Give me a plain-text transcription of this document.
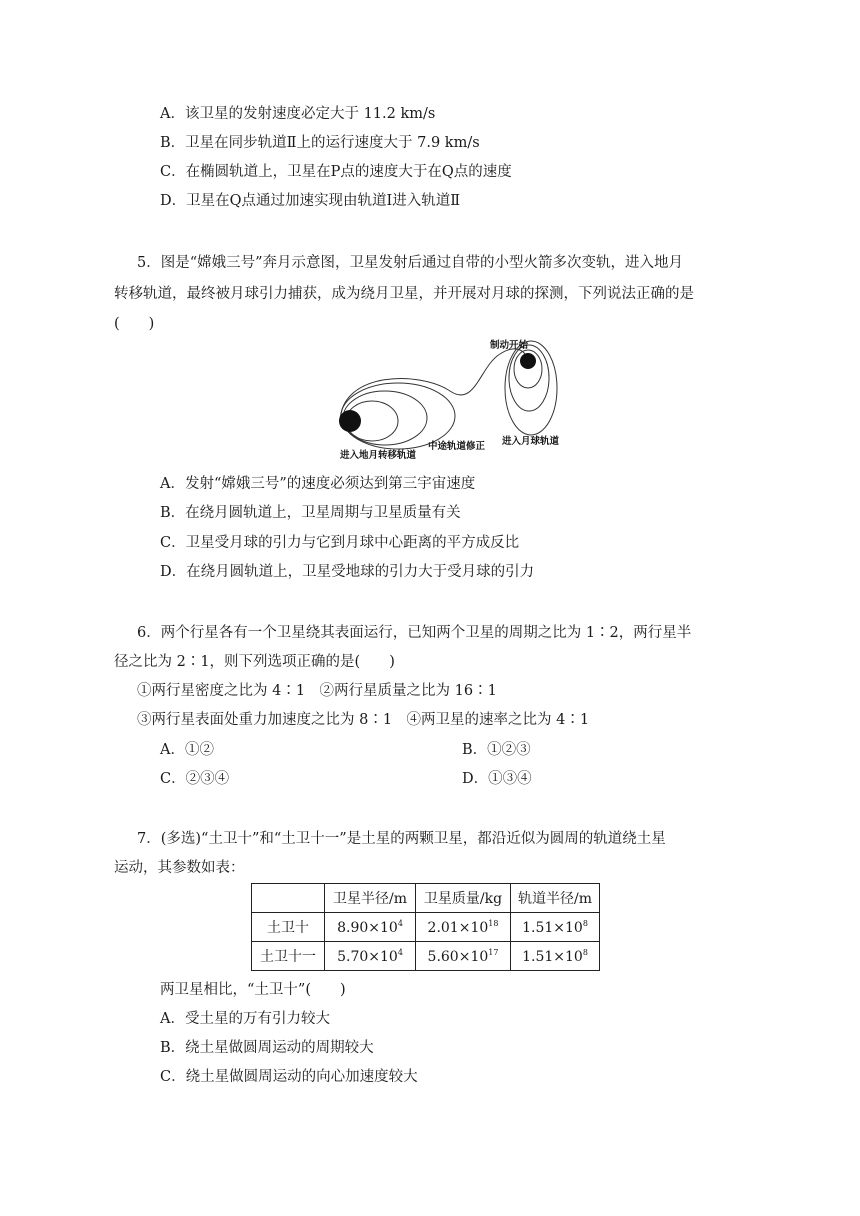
A．该卫星的发射速度必定大于 11.2 km/s
B．卫星在同步轨道Ⅱ上的运行速度大于 7.9 km/s
C．在椭圆轨道上，卫星在P点的速度大于在Q点的速度
D．卫星在Q点通过加速实现由轨道Ⅰ进入轨道Ⅱ
5．图是“嫦娥三号”奔月示意图，卫星发射后通过自带的小型火箭多次变轨，进入地月
转移轨道，最终被月球引力捕获，成为绕月卫星，并开展对月球的探测，下列说法正确的是
(　　)
制动开始
进入地月转移轨道
中途轨道修正 进入月球轨道
A．发射“嫦娥三号”的速度必须达到第三宇宙速度
B．在绕月圆轨道上，卫星周期与卫星质量有关
C．卫星受月球的引力与它到月球中心距离的平方成反比
D．在绕月圆轨道上，卫星受地球的引力大于受月球的引力
6．两个行星各有一个卫星绕其表面运行，已知两个卫星的周期之比为 1∶2，两行星半
径之比为 2∶1，则下列选项正确的是(　　)
①两行星密度之比为 4∶1　②两行星质量之比为 16∶1
③两行星表面处重力加速度之比为 8∶1　④两卫星的速率之比为 4∶1
A．①②	B．①②③
C．②③④	D．①③④
7．(多选)“土卫十”和“土卫十一”是土星的两颗卫星，都沿近似为圆周的轨道绕土星
运动，其参数如表：
	卫星半径/m	卫星质量/kg	轨道半径/m
土卫十	$8.90\times 10^4$	$2.01\times 10^{18}$	$1.51\times 10^8$
土卫十一	$5.70\times 10^4$	$5.60\times 10^{17}$	$1.51\times 10^8$
两卫星相比，“土卫十”(　　)
A．受土星的万有引力较大
B．绕土星做圆周运动的周期较大
C．绕土星做圆周运动的向心加速度较大
